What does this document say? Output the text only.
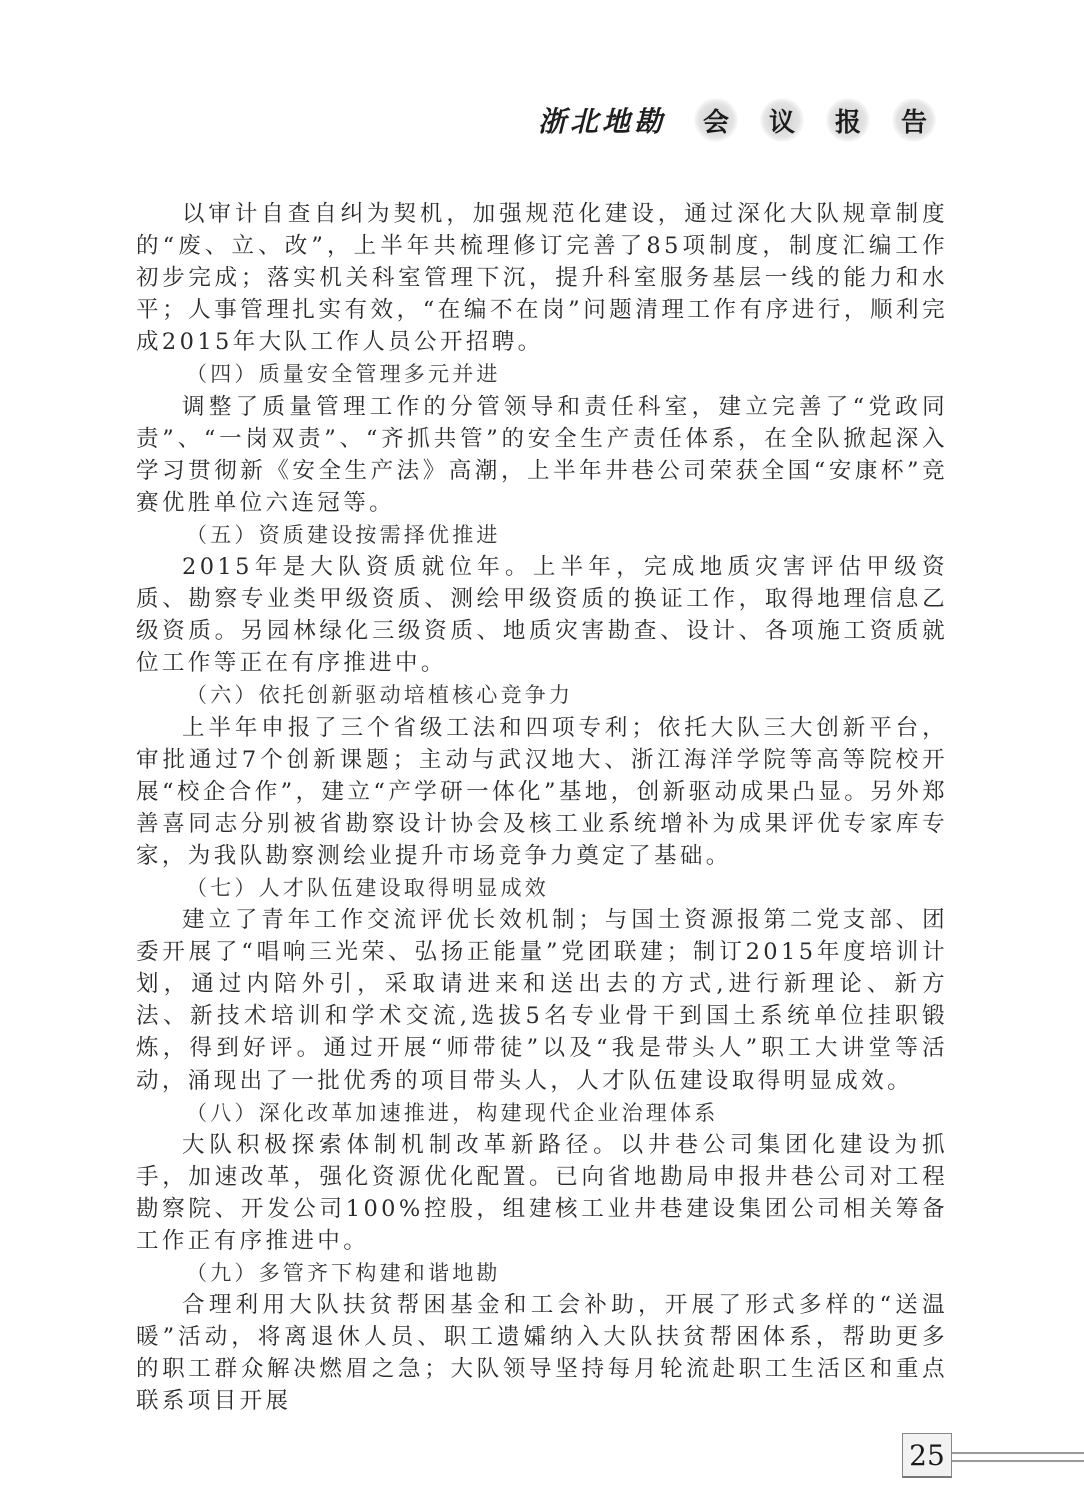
浙北地勘	会	议	报	告

以审计自查自纠为契机，加强规范化建设，通过深化大队规章制度的“废、立、改”，上半年共梳理修订完善了85项制度，制度汇编工作初步完成；落实机关科室管理下沉，提升科室服务基层一线的能力和水平；人事管理扎实有效，“在编不在岗”问题清理工作有序进行，顺利完成2015年大队工作人员公开招聘。

（四）质量安全管理多元并进

调整了质量管理工作的分管领导和责任科室，建立完善了“党政同责”、“一岗双责”、“齐抓共管”的安全生产责任体系，在全队掀起深入学习贯彻新《安全生产法》高潮，上半年井巷公司荣获全国“安康杯”竞赛优胜单位六连冠等。

（五）资质建设按需择优推进

2015年是大队资质就位年。上半年，完成地质灾害评估甲级资质、勘察专业类甲级资质、测绘甲级资质的换证工作，取得地理信息乙级资质。另园林绿化三级资质、地质灾害勘查、设计、各项施工资质就位工作等正在有序推进中。

（六）依托创新驱动培植核心竞争力

上半年申报了三个省级工法和四项专利；依托大队三大创新平台，审批通过7个创新课题；主动与武汉地大、浙江海洋学院等高等院校开展“校企合作”，建立“产学研一体化”基地，创新驱动成果凸显。另外郑善喜同志分别被省勘察设计协会及核工业系统增补为成果评优专家库专家，为我队勘察测绘业提升市场竞争力奠定了基础。

（七）人才队伍建设取得明显成效

建立了青年工作交流评优长效机制；与国土资源报第二党支部、团委开展了“唱响三光荣、弘扬正能量”党团联建；制订2015年度培训计划，通过内陪外引，采取请进来和送出去的方式,进行新理论、新方法、新技术培训和学术交流,选拔5名专业骨干到国土系统单位挂职锻炼，得到好评。通过开展“师带徒”以及“我是带头人”职工大讲堂等活动，涌现出了一批优秀的项目带头人，人才队伍建设取得明显成效。

（八）深化改革加速推进，构建现代企业治理体系

大队积极探索体制机制改革新路径。以井巷公司集团化建设为抓手，加速改革，强化资源优化配置。已向省地勘局申报井巷公司对工程勘察院、开发公司100%控股，组建核工业井巷建设集团公司相关筹备工作正有序推进中。

（九）多管齐下构建和谐地勘

合理利用大队扶贫帮困基金和工会补助，开展了形式多样的“送温暖”活动，将离退休人员、职工遗孀纳入大队扶贫帮困体系，帮助更多的职工群众解决燃眉之急；大队领导坚持每月轮流赴职工生活区和重点联系项目开展

25
